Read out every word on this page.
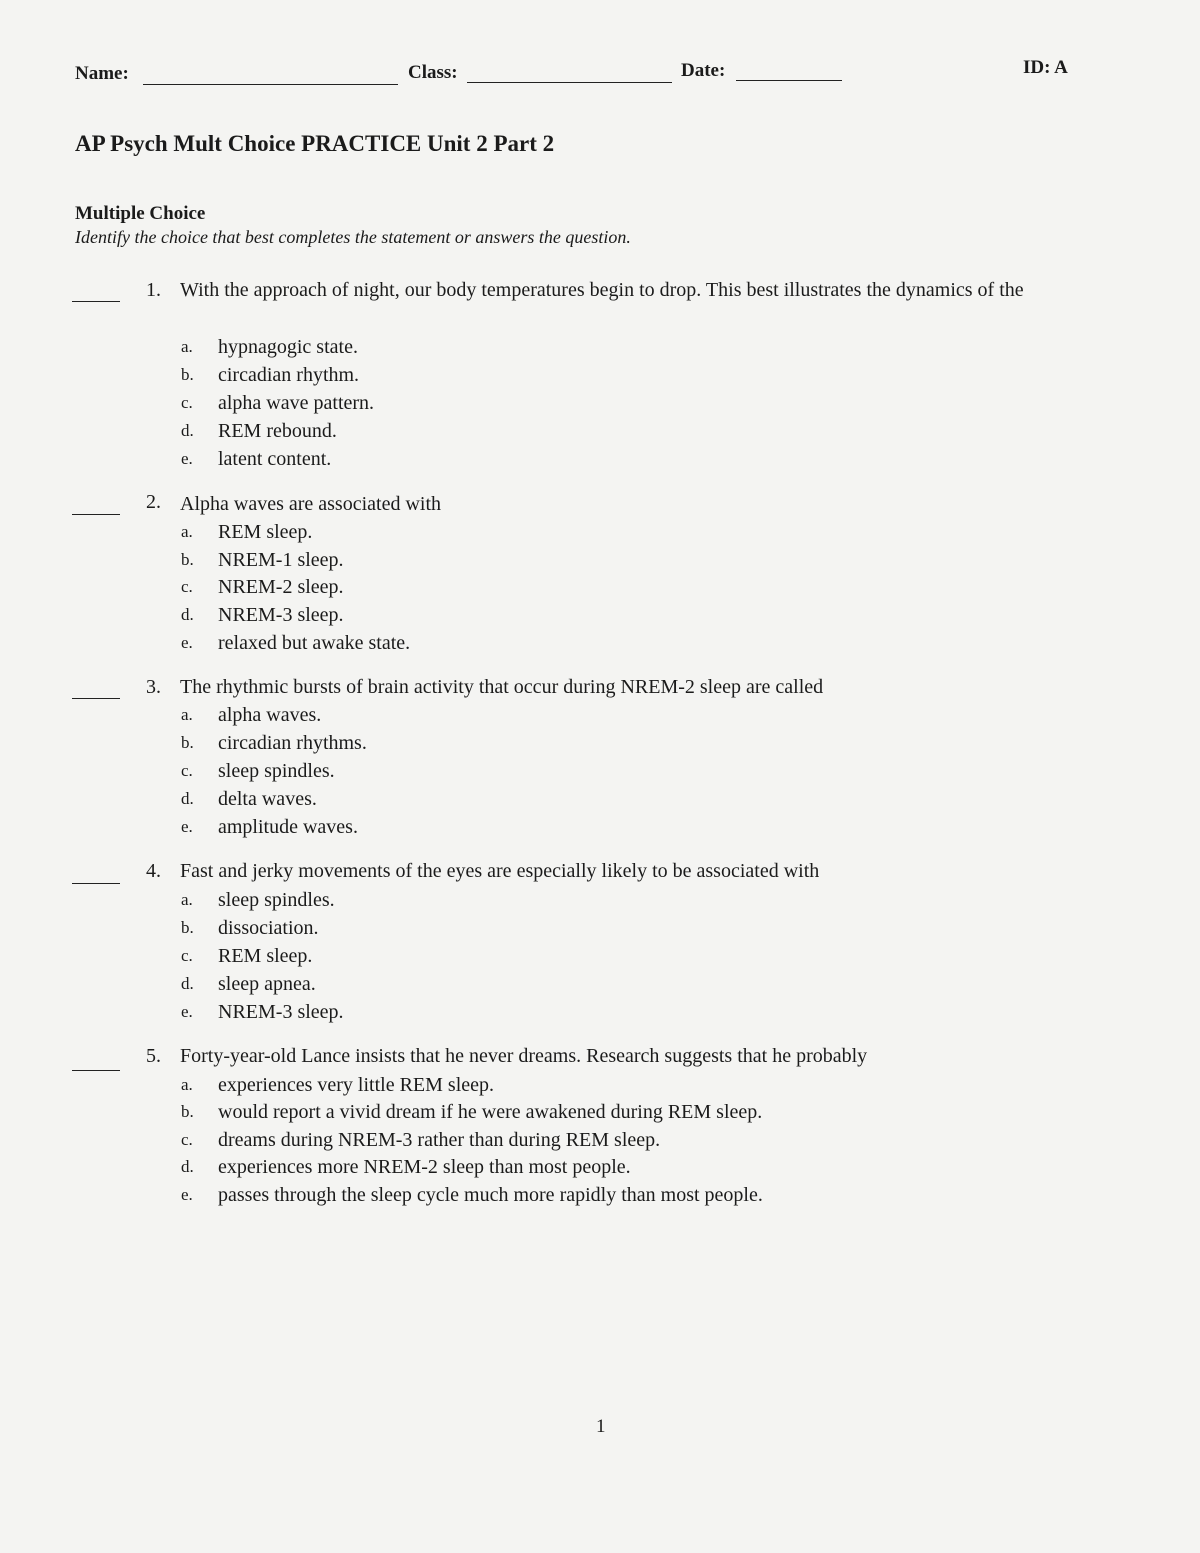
Name:	Class:	Date:	ID: A
AP Psych Mult Choice PRACTICE Unit 2 Part 2
Multiple Choice
Identify the choice that best completes the statement or answers the question.
1. With the approach of night, our body temperatures begin to drop. This best illustrates the dynamics of the
a.	hypnagogic state.
b.	circadian rhythm.
c.	alpha wave pattern.
d.	REM rebound.
e.	latent content.
2. Alpha waves are associated with
a.	REM sleep.
b.	NREM-1 sleep.
c.	NREM-2 sleep.
d.	NREM-3 sleep.
e.	relaxed but awake state.
3. The rhythmic bursts of brain activity that occur during NREM-2 sleep are called
a.	alpha waves.
b.	circadian rhythms.
c.	sleep spindles.
d.	delta waves.
e.	amplitude waves.
4. Fast and jerky movements of the eyes are especially likely to be associated with
a.	sleep spindles.
b.	dissociation.
c.	REM sleep.
d.	sleep apnea.
e.	NREM-3 sleep.
5. Forty-year-old Lance insists that he never dreams. Research suggests that he probably
a.	experiences very little REM sleep.
b.	would report a vivid dream if he were awakened during REM sleep.
c.	dreams during NREM-3 rather than during REM sleep.
d.	experiences more NREM-2 sleep than most people.
e.	passes through the sleep cycle much more rapidly than most people.
1
